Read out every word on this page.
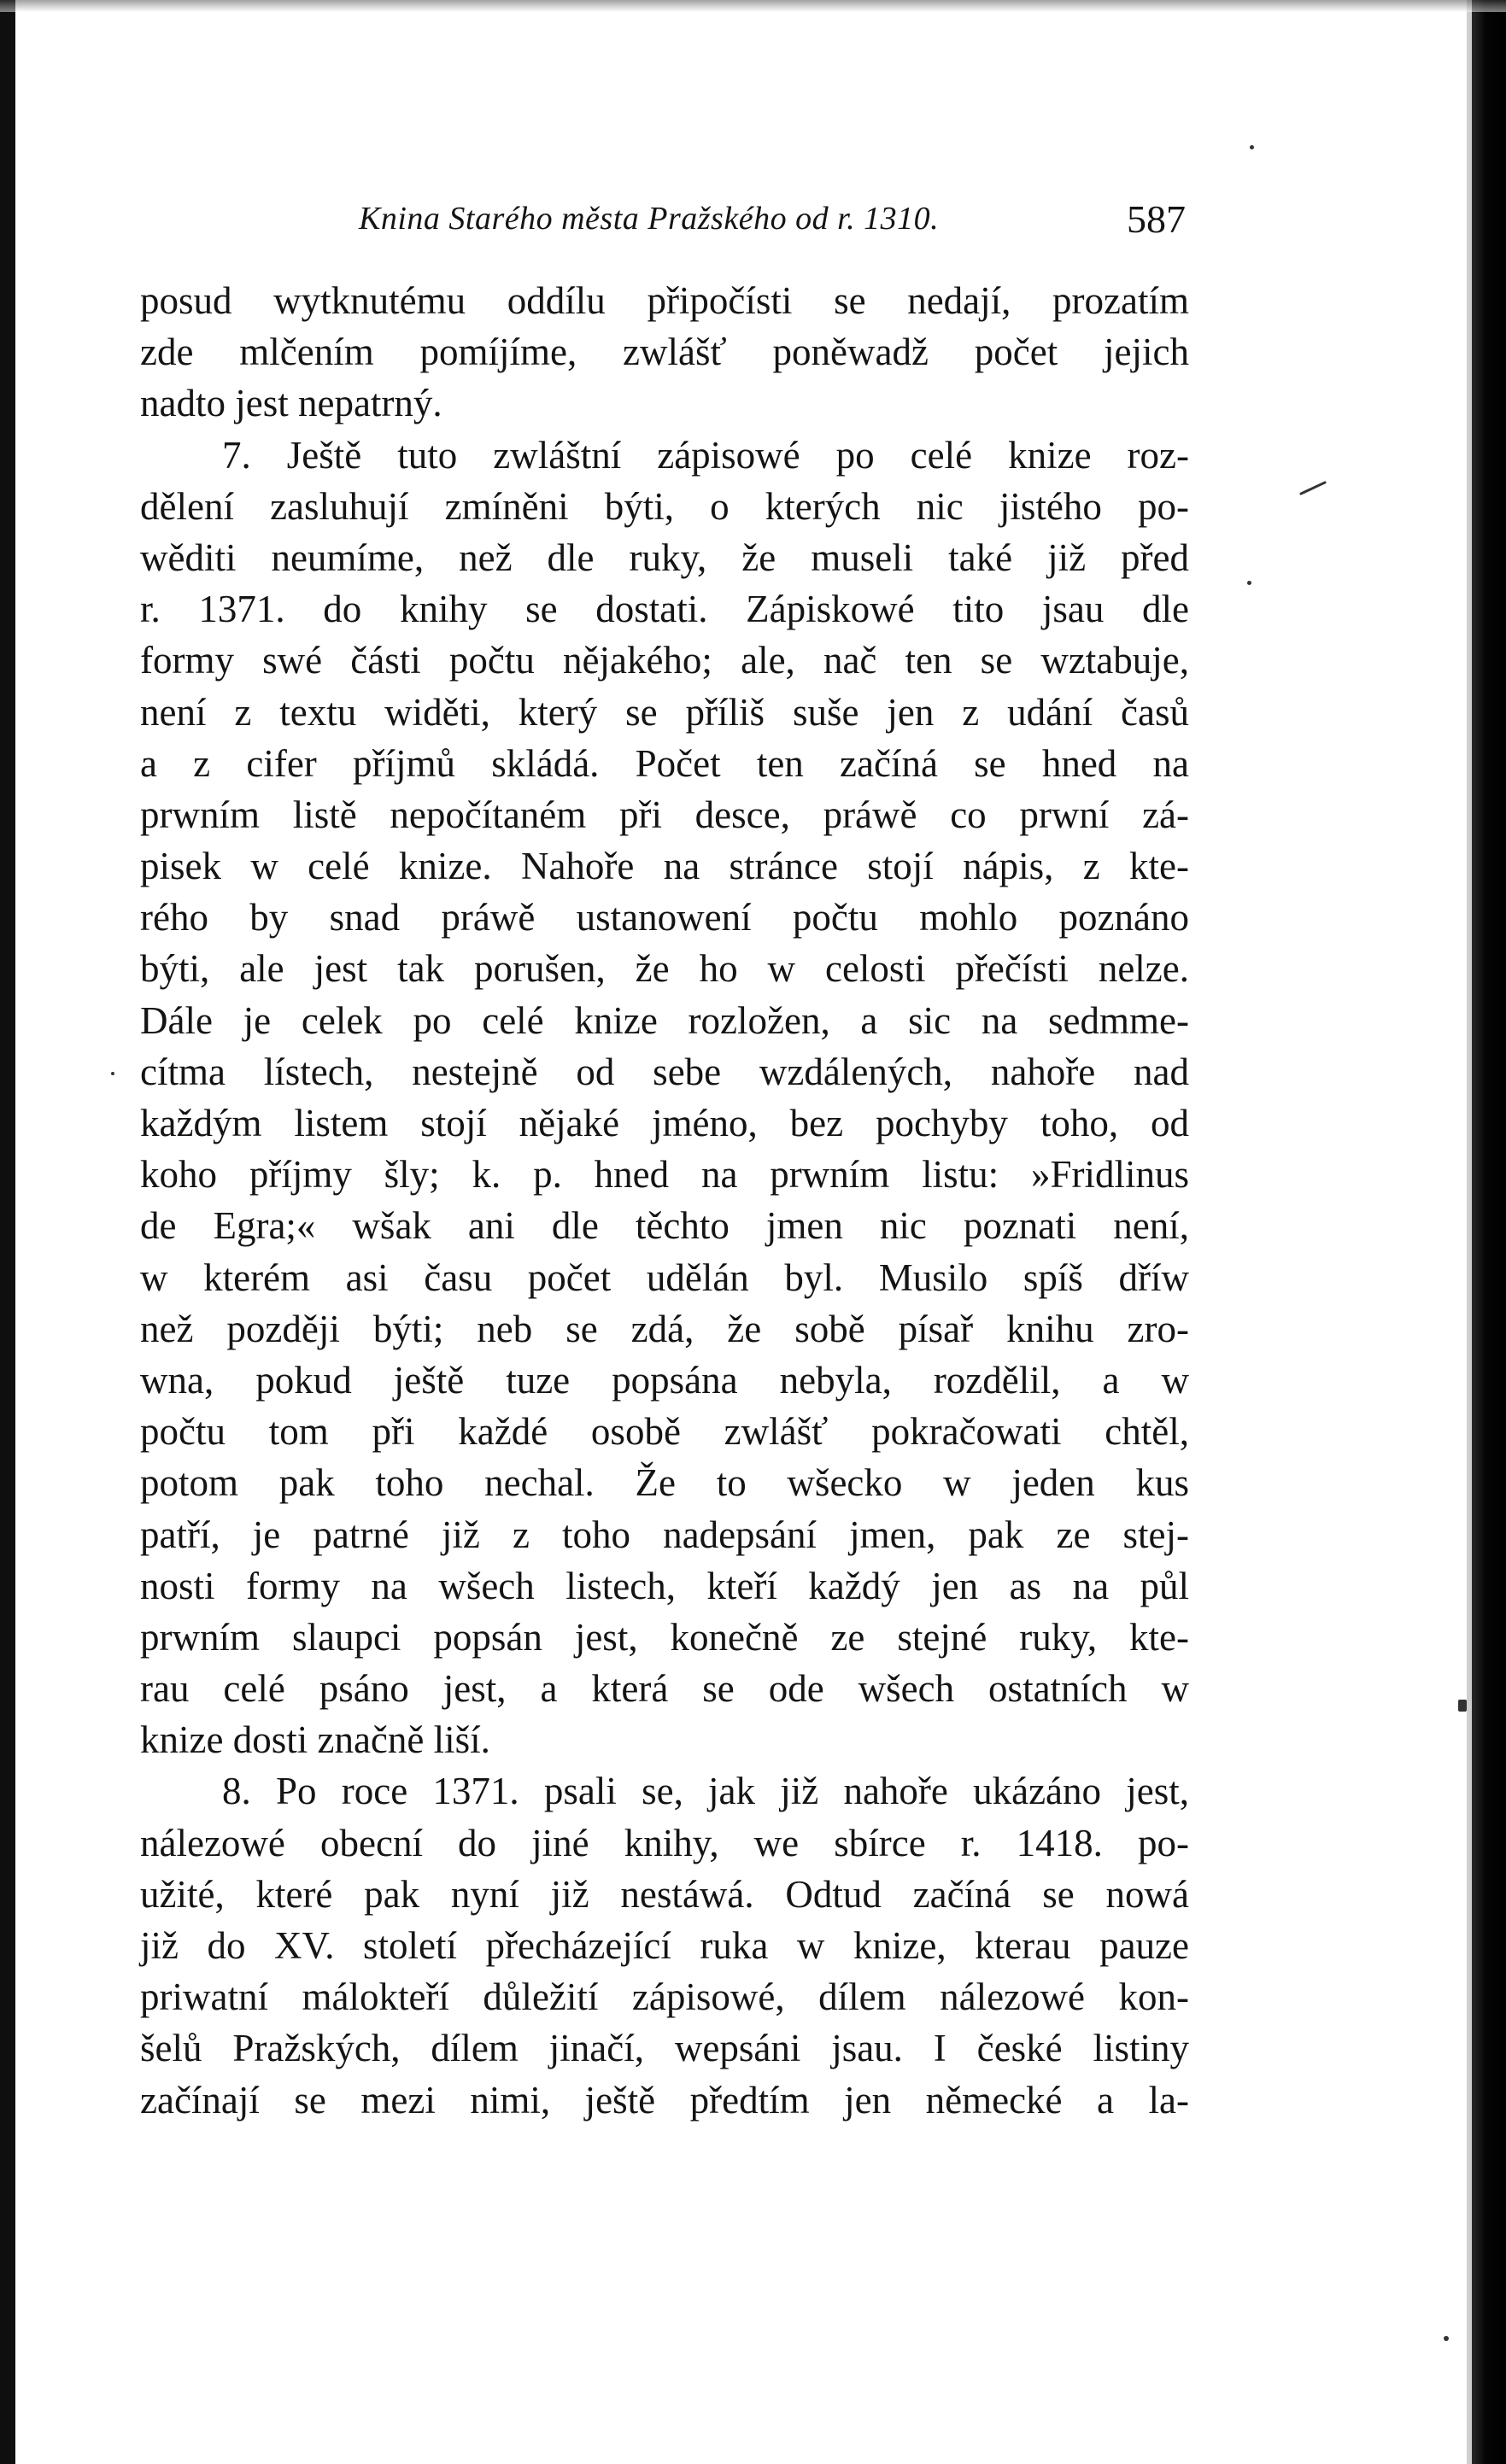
Knina Starého města Pražského od r. 1310.	587
posud wytknutému oddílu připočísti se nedají, prozatím
zde mlčením pomíjíme, zwlášť poněwadž počet jejich
nadto jest nepatrný.
7. Ještě tuto zwláštní zápisowé po celé knize roz-
dělení zasluhují zmíněni býti, o kterých nic jistého po-
wěditi neumíme, než dle ruky, že museli také již před
r. 1371. do knihy se dostati. Zápiskowé tito jsau dle
formy swé části počtu nějakého; ale, nač ten se wztabuje,
není z textu widěti, který se příliš suše jen z udání časů
a z cifer příjmů skládá. Počet ten začíná se hned na
prwním listě nepočítaném při desce, práwě co prwní zá-
pisek w celé knize. Nahoře na stránce stojí nápis, z kte-
rého by snad práwě ustanowení počtu mohlo poznáno
býti, ale jest tak porušen, že ho w celosti přečísti nelze.
Dále je celek po celé knize rozložen, a sic na sedmme-
cítma lístech, nestejně od sebe wzdálených, nahoře nad
každým listem stojí nějaké jméno, bez pochyby toho, od
koho příjmy šly; k. p. hned na prwním listu: »Fridlinus
de Egra;« wšak ani dle těchto jmen nic poznati není,
w kterém asi času počet udělán byl. Musilo spíš dříw
než později býti; neb se zdá, že sobě písař knihu zro-
wna, pokud ještě tuze popsána nebyla, rozdělil, a w
počtu tom při každé osobě zwlášť pokračowati chtěl,
potom pak toho nechal. Že to wšecko w jeden kus
patří, je patrné již z toho nadepsání jmen, pak ze stej-
nosti formy na wšech listech, kteří každý jen as na půl
prwním slaupci popsán jest, konečně ze stejné ruky, kte-
rau celé psáno jest, a která se ode wšech ostatních w
knize dosti značně liší.
8. Po roce 1371. psali se, jak již nahoře ukázáno jest,
nálezowé obecní do jiné knihy, we sbírce r. 1418. po-
užité, které pak nyní již nestáwá. Odtud začíná se nowá
již do XV. století přecházející ruka w knize, kterau pauze
priwatní málokteří důležití zápisowé, dílem nálezowé kon-
šelů Pražských, dílem jinačí, wepsáni jsau. I české listiny
začínají se mezi nimi, ještě předtím jen německé a la-
